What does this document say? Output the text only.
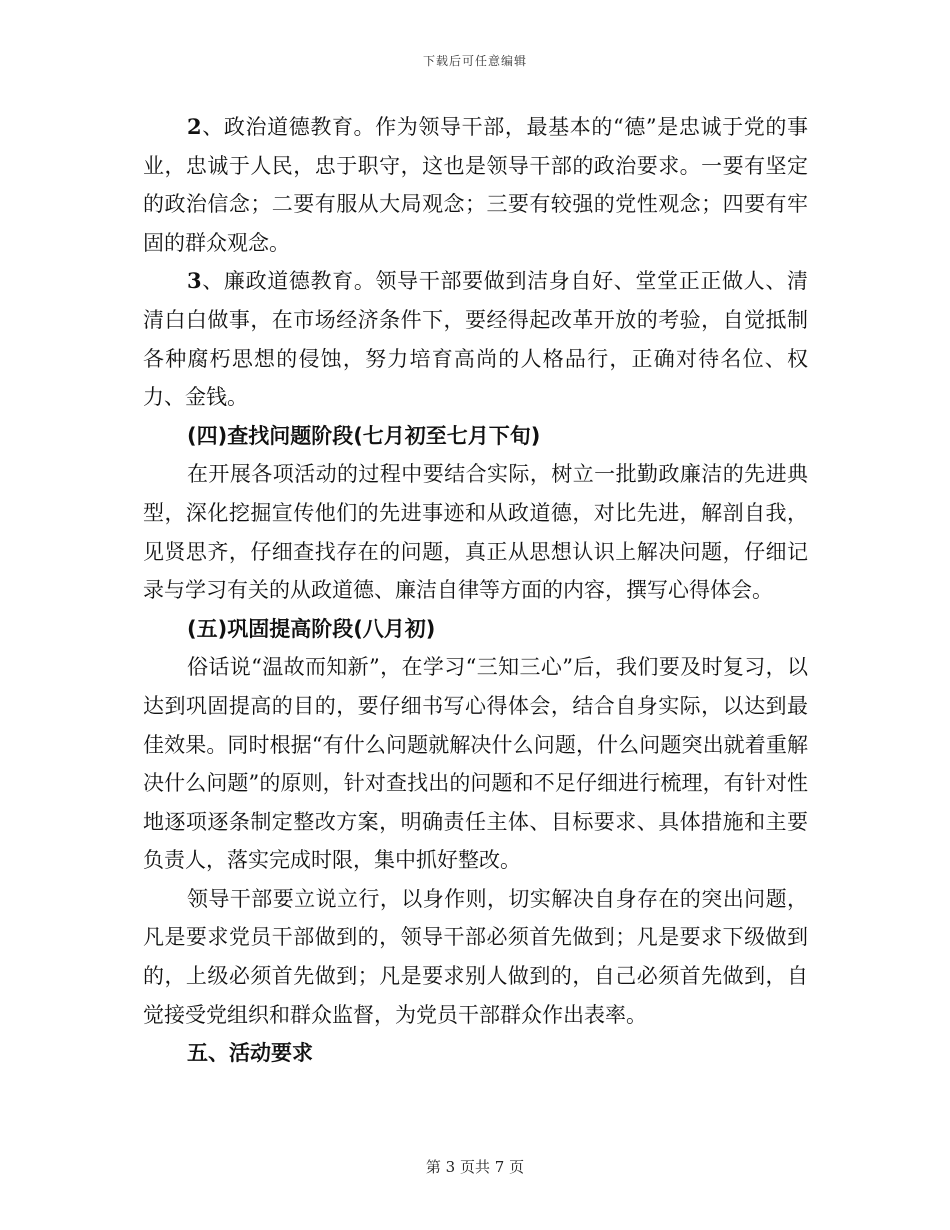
下载后可任意编辑

2、政治道德教育。作为领导干部，最基本的“德”是忠诚于党的事业，忠诚于人民，忠于职守，这也是领导干部的政治要求。一要有坚定的政治信念；二要有服从大局观念；三要有较强的党性观念；四要有牢固的群众观念。

3、廉政道德教育。领导干部要做到洁身自好、堂堂正正做人、清清白白做事，在市场经济条件下，要经得起改革开放的考验，自觉抵制各种腐朽思想的侵蚀，努力培育高尚的人格品行，正确对待名位、权力、金钱。

(四)查找问题阶段(七月初至七月下旬)

在开展各项活动的过程中要结合实际，树立一批勤政廉洁的先进典型，深化挖掘宣传他们的先进事迹和从政道德，对比先进，解剖自我，见贤思齐，仔细查找存在的问题，真正从思想认识上解决问题，仔细记录与学习有关的从政道德、廉洁自律等方面的内容，撰写心得体会。

(五)巩固提高阶段(八月初)

俗话说“温故而知新”，在学习“三知三心”后，我们要及时复习，以达到巩固提高的目的，要仔细书写心得体会，结合自身实际，以达到最佳效果。同时根据“有什么问题就解决什么问题，什么问题突出就着重解决什么问题”的原则，针对查找出的问题和不足仔细进行梳理，有针对性地逐项逐条制定整改方案，明确责任主体、目标要求、具体措施和主要负责人，落实完成时限，集中抓好整改。

领导干部要立说立行，以身作则，切实解决自身存在的突出问题，凡是要求党员干部做到的，领导干部必须首先做到；凡是要求下级做到的，上级必须首先做到；凡是要求别人做到的，自己必须首先做到，自觉接受党组织和群众监督，为党员干部群众作出表率。

五、活动要求

第 3 页共 7 页
